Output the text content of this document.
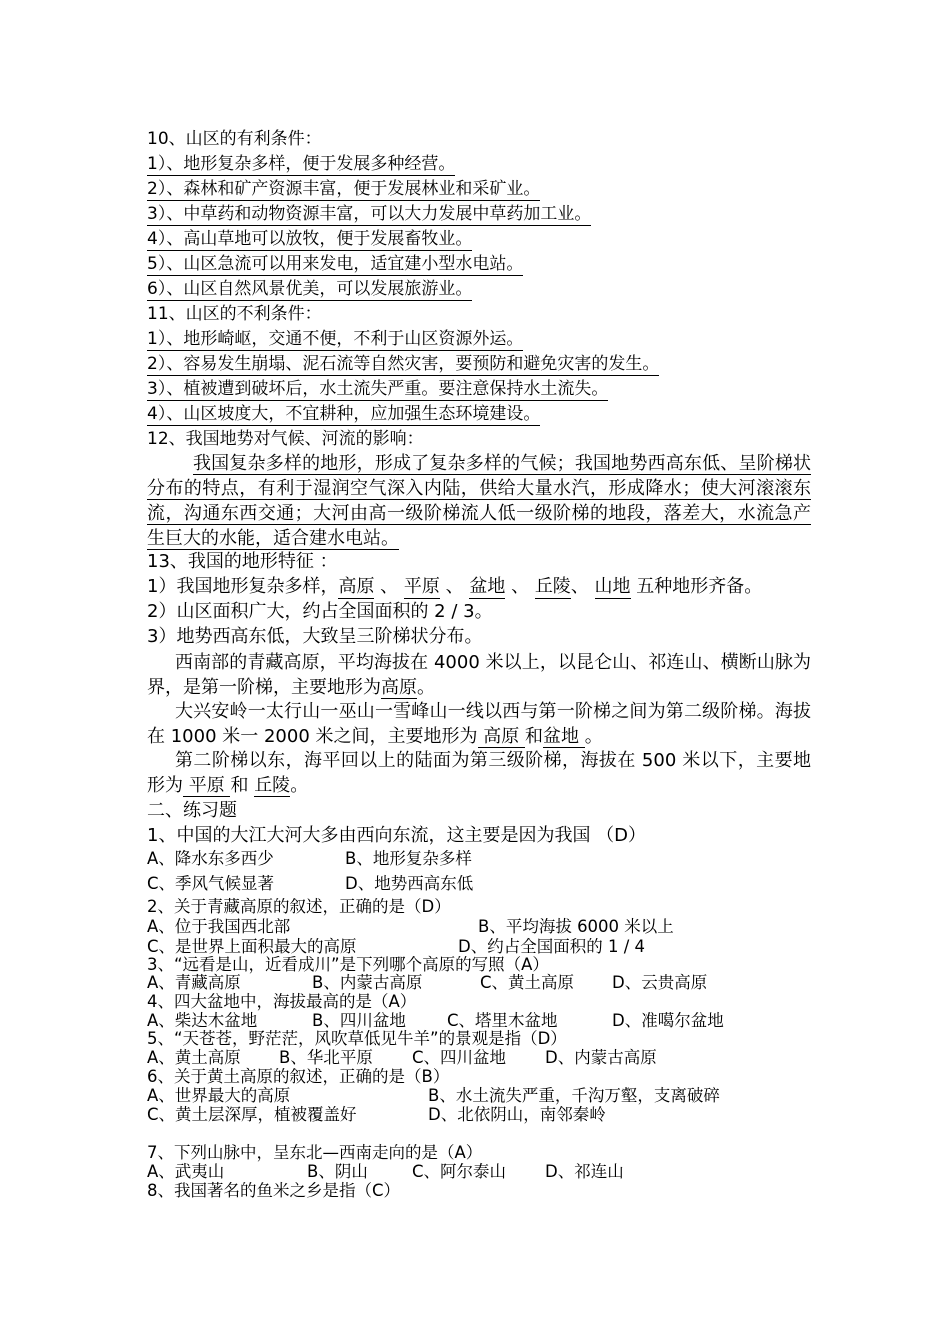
10、山区的有利条件：
1）、地形复杂多样，便于发展多种经营。
2）、森林和矿产资源丰富，便于发展林业和采矿业。
3）、中草药和动物资源丰富，可以大力发展中草药加工业。
4）、高山草地可以放牧，便于发展畜牧业。
5）、山区急流可以用来发电，适宜建小型水电站。
6）、山区自然风景优美，可以发展旅游业。
11、山区的不利条件：
1）、地形崎岖，交通不便，不利于山区资源外运。
2）、容易发生崩塌、泥石流等自然灾害，要预防和避免灾害的发生。
3）、植被遭到破坏后，水土流失严重。要注意保持水土流失。
4）、山区坡度大，不宜耕种，应加强生态环境建设。
12、我国地势对气候、河流的影响：
我国复杂多样的地形，形成了复杂多样的气候；我国地势西高东低、呈阶梯状分布的特点，有利于湿润空气深入内陆，供给大量水汽，形成降水；使大河滚滚东流，沟通东西交通；大河由高一级阶梯流人低一级阶梯的地段，落差大，水流急产生巨大的水能，适合建水电站。
13、我国的地形特征 ：
1）我国地形复杂多样，高原 、 平原 、 盆地 、 丘陵、 山地 五种地形齐备。
2）山区面积广大，约占全国面积的 2 / 3。
3）地势西高东低，大致呈三阶梯状分布。
西南部的青藏高原，平均海拔在 4000 米以上，以昆仑山、祁连山、横断山脉为界，是第一阶梯，主要地形为高原。
大兴安岭一太行山一巫山一雪峰山一线以西与第一阶梯之间为第二级阶梯。海拔在 1000 米一 2000 米之间，主要地形为 高原 和盆地 。
第二阶梯以东，海平回以上的陆面为第三级阶梯，海拔在 500 米以下，主要地形为 平原 和 丘陵。
二、练习题
1、中国的大江大河大多由西向东流，这主要是因为我国 （D）
A、降水东多西少	B、地形复杂多样
C、季风气候显著	D、地势西高东低
2、关于青藏高原的叙述，正确的是（D）
A、位于我国西北部	B、平均海拔 6000 米以上
C、是世界上面积最大的高原	D、约占全国面积的 1 / 4
3、“远看是山，近看成川”是下列哪个高原的写照（A）
A、青藏高原	B、内蒙古高原	C、黄土高原 D、云贵高原
4、四大盆地中，海拔最高的是（A）
A、柴达木盆地	B、四川盆地 C、塔里木盆地	D、准噶尔盆地
5、“天苍苍，野茫茫，风吹草低见牛羊”的景观是指（D）
A、黄土高原 B、华北平原 C、四川盆地 D、内蒙古高原
6、关于黄土高原的叙述，正确的是（B）
A、世界最大的高原	B、水土流失严重，千沟万壑，支离破碎
C、黄土层深厚，植被覆盖好	D、北依阴山，南邻秦岭
7、下列山脉中，呈东北—西南走向的是（A）
A、武夷山	B、阴山	C、阿尔泰山 D、祁连山
8、我国著名的鱼米之乡是指（C）
